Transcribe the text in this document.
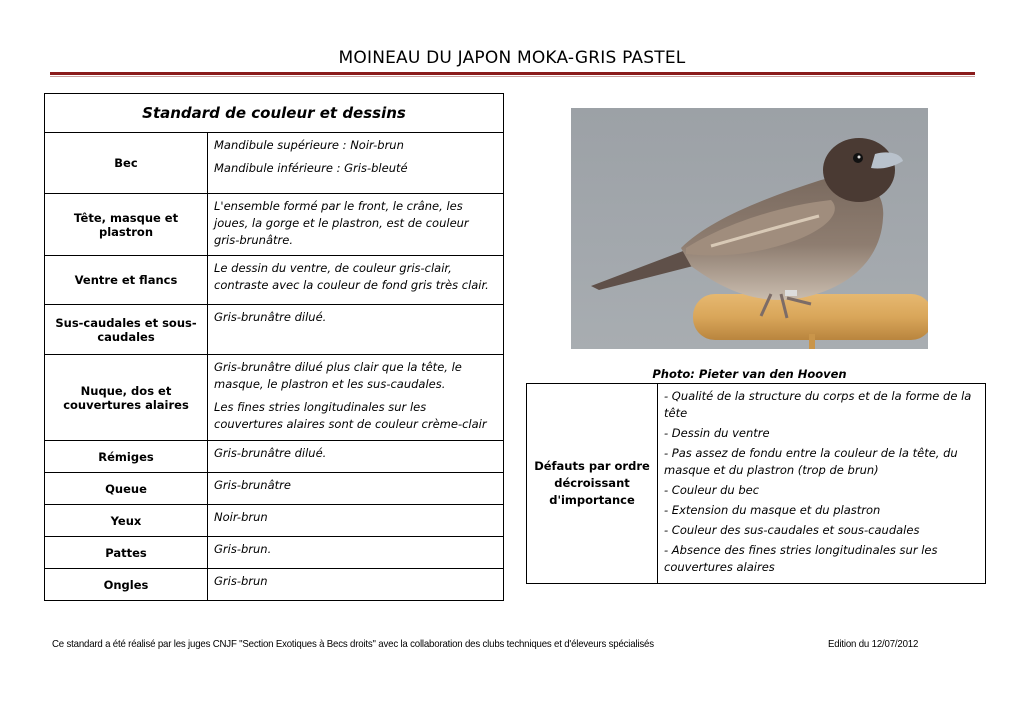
MOINEAU DU JAPON MOKA-GRIS PASTEL
Standard de couleur et dessins	
Bec	Mandibule supérieure : Noir-brun

Mandibule inférieure : Gris-bleuté

Tête, masque et plastron	L'ensemble formé par le front, le crâne, les joues, la gorge et le plastron, est de couleur gris-brunâtre.

Ventre et flancs	Le dessin du ventre, de couleur gris-clair, contraste avec la couleur de fond gris très clair.

Sus-caudales et sous-caudales	Gris-brunâtre dilué.

Nuque, dos et couvertures alaires	Gris-brunâtre dilué plus clair que la tête, le masque, le plastron et les sus-caudales.

Les fines stries longitudinales sur les couvertures alaires sont de couleur crème-clair

Rémiges	Gris-brunâtre dilué.

Queue	Gris-brunâtre

Yeux	Noir-brun

Pattes	Gris-brun.

Ongles	Gris-brun

Photo: Pieter van den Hooven
Défauts par ordre décroissant d'importance	
- Qualité de la structure du corps et de la forme de la tête
- Dessin du ventre
- Pas assez de fondu entre la couleur de la tête, du masque et du plastron (trop de brun)
- Couleur du bec
- Extension du masque et du plastron
- Couleur des sus-caudales et sous-caudales
- Absence des fines stries longitudinales sur les couvertures alaires
Ce standard a été réalisé par les juges CNJF "Section Exotiques à Becs droits" avec la collaboration des clubs techniques et d'éleveurs spécialisés	Edition du 12/07/2012
